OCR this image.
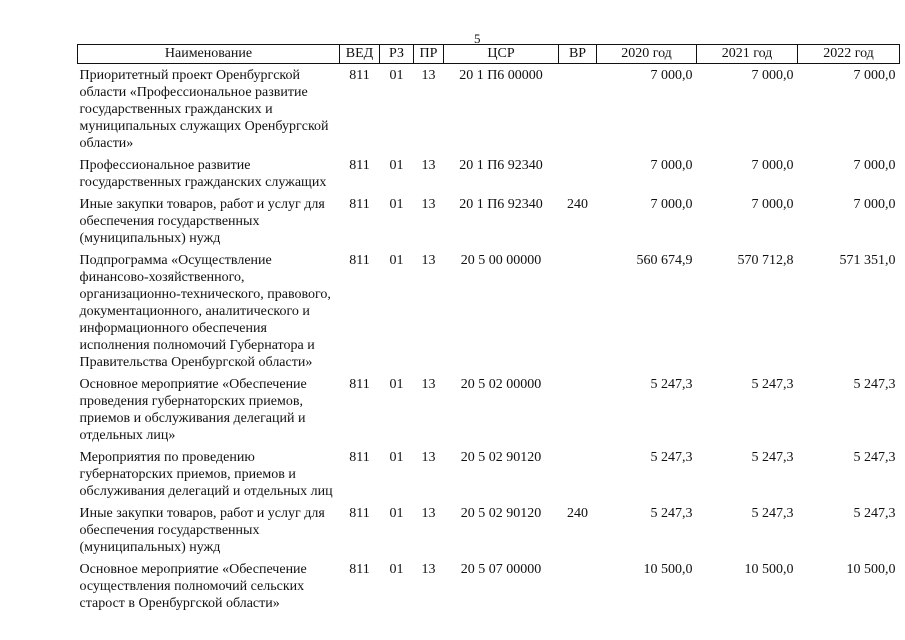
5
Наименование	ВЕД	РЗ	ПР	ЦСР	ВР	2020 год	2021 год	2022 год
Приоритетный проект Оренбургской области «Профессиональное развитие государственных гражданских и муниципальных служащих Оренбургской области»	811	01	13	20 1 П6 00000		7 000,0	7 000,0	7 000,0
Профессиональное развитие государственных гражданских служащих	811	01	13	20 1 П6 92340		7 000,0	7 000,0	7 000,0
Иные закупки товаров, работ и услуг для обеспечения государственных (муниципальных) нужд	811	01	13	20 1 П6 92340	240	7 000,0	7 000,0	7 000,0
Подпрограмма «Осуществление финансово-хозяйственного, организационно-технического, правового, документационного, аналитического и информационного обеспечения исполнения полномочий Губернатора и Правительства Оренбургской области»	811	01	13	20 5 00 00000		560 674,9	570 712,8	571 351,0
Основное мероприятие «Обеспечение проведения губернаторских приемов, приемов и обслуживания делегаций и отдельных лиц»	811	01	13	20 5 02 00000		5 247,3	5 247,3	5 247,3
Мероприятия по проведению губернаторских приемов, приемов и обслуживания делегаций и отдельных лиц	811	01	13	20 5 02 90120		5 247,3	5 247,3	5 247,3
Иные закупки товаров, работ и услуг для обеспечения государственных (муниципальных) нужд	811	01	13	20 5 02 90120	240	5 247,3	5 247,3	5 247,3
Основное мероприятие «Обеспечение осуществления полномочий сельских старост в Оренбургской области»	811	01	13	20 5 07 00000		10 500,0	10 500,0	10 500,0
